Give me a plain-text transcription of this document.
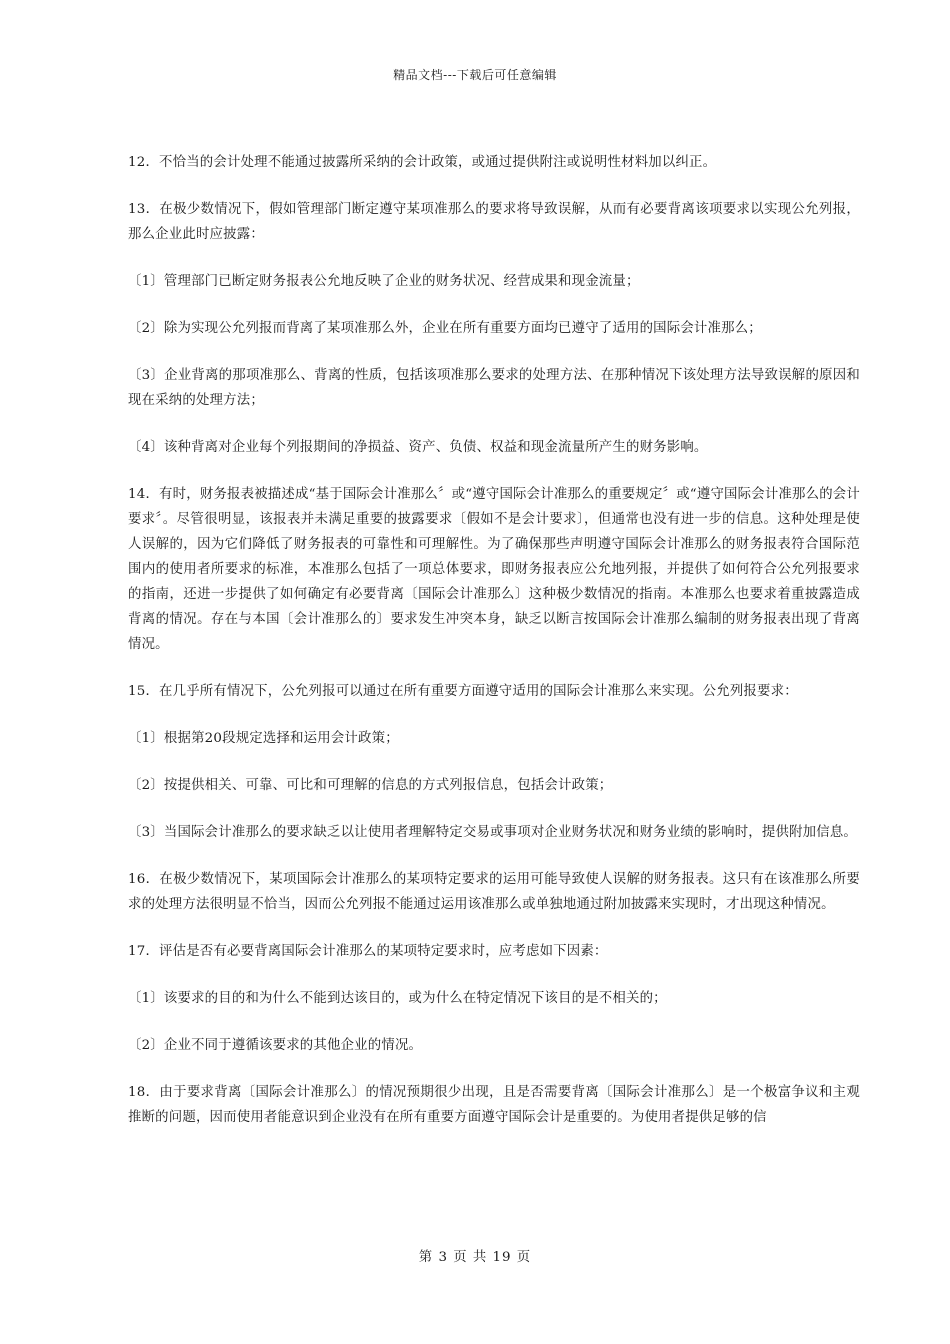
精品文档---下载后可任意编辑

12．不恰当的会计处理不能通过披露所采纳的会计政策，或通过提供附注或说明性材料加以纠正。

13．在极少数情况下，假如管理部门断定遵守某项准那么的要求将导致误解，从而有必要背离该项要求以实现公允列报，那么企业此时应披露：

〔1〕管理部门已断定财务报表公允地反映了企业的财务状况、经营成果和现金流量；

〔2〕除为实现公允列报而背离了某项准那么外，企业在所有重要方面均已遵守了适用的国际会计准那么；

〔3〕企业背离的那项准那么、背离的性质，包括该项准那么要求的处理方法、在那种情况下该处理方法导致误解的原因和现在采纳的处理方法；

〔4〕该种背离对企业每个列报期间的净损益、资产、负债、权益和现金流量所产生的财务影响。

14．有时，财务报表被描述成“基于国际会计准那么〞或“遵守国际会计准那么的重要规定〞或“遵守国际会计准那么的会计要求〞。尽管很明显，该报表并未满足重要的披露要求〔假如不是会计要求〕，但通常也没有进一步的信息。这种处理是使人误解的，因为它们降低了财务报表的可靠性和可理解性。为了确保那些声明遵守国际会计准那么的财务报表符合国际范围内的使用者所要求的标准，本准那么包括了一项总体要求，即财务报表应公允地列报，并提供了如何符合公允列报要求的指南，还进一步提供了如何确定有必要背离〔国际会计准那么〕这种极少数情况的指南。本准那么也要求着重披露造成背离的情况。存在与本国〔会计准那么的〕要求发生冲突本身，缺乏以断言按国际会计准那么编制的财务报表出现了背离情况。

15．在几乎所有情况下，公允列报可以通过在所有重要方面遵守适用的国际会计准那么来实现。公允列报要求：

〔1〕根据第20段规定选择和运用会计政策；

〔2〕按提供相关、可靠、可比和可理解的信息的方式列报信息，包括会计政策；

〔3〕当国际会计准那么的要求缺乏以让使用者理解特定交易或事项对企业财务状况和财务业绩的影响时，提供附加信息。

16．在极少数情况下，某项国际会计准那么的某项特定要求的运用可能导致使人误解的财务报表。这只有在该准那么所要求的处理方法很明显不恰当，因而公允列报不能通过运用该准那么或单独地通过附加披露来实现时，才出现这种情况。

17．评估是否有必要背离国际会计准那么的某项特定要求时，应考虑如下因素：

〔1〕该要求的目的和为什么不能到达该目的，或为什么在特定情况下该目的是不相关的；

〔2〕企业不同于遵循该要求的其他企业的情况。

18．由于要求背离〔国际会计准那么〕的情况预期很少出现，且是否需要背离〔国际会计准那么〕是一个极富争议和主观推断的问题，因而使用者能意识到企业没有在所有重要方面遵守国际会计是重要的。为使用者提供足够的信

第 3 页 共 19 页
